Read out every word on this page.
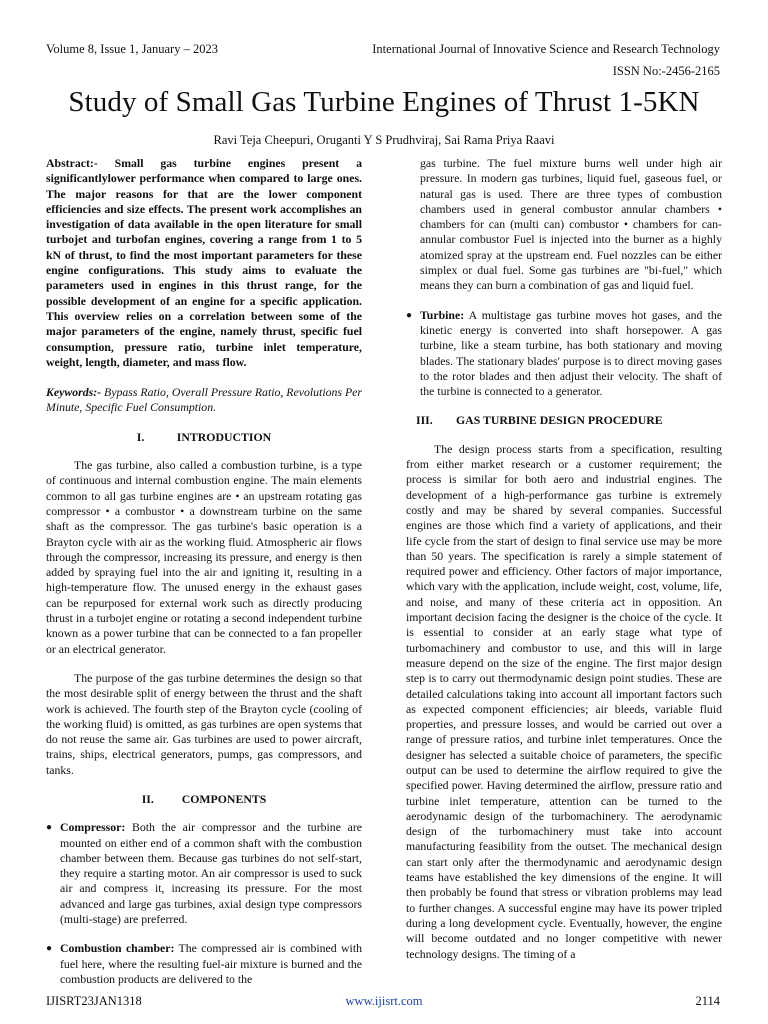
Volume 8, Issue 1, January – 2023	International Journal of Innovative Science and Research Technology
ISSN No:-2456-2165
Study of Small Gas Turbine Engines of Thrust 1-5KN
Ravi Teja Cheepuri, Oruganti Y S Prudhviraj, Sai Rama Priya Raavi

Abstract:- Small gas turbine engines present a significantlylower performance when compared to large ones. The major reasons for that are the lower component efficiencies and size effects. The present work accomplishes an investigation of data available in the open literature for small turbojet and turbofan engines, covering a range from 1 to 5 kN of thrust, to find the most important parameters for these engine configurations. This study aims to evaluate the parameters used in engines in this thrust range, for the possible development of an engine for a specific application. This overview relies on a correlation between some of the major parameters of the engine, namely thrust, specific fuel consumption, pressure ratio, turbine inlet temperature, weight, length, diameter, and mass flow.

Keywords:- Bypass Ratio, Overall Pressure Ratio, Revolutions Per Minute, Specific Fuel Consumption.

I.	INTRODUCTION

The gas turbine, also called a combustion turbine, is a type of continuous and internal combustion engine. The main elements common to all gas turbine engines are • an upstream rotating gas compressor • a combustor • a downstream turbine on the same shaft as the compressor. The gas turbine's basic operation is a Brayton cycle with air as the working fluid. Atmospheric air flows through the compressor, increasing its pressure, and energy is then added by spraying fuel into the air and igniting it, resulting in a high-temperature flow. The unused energy in the exhaust gases can be repurposed for external work such as directly producing thrust in a turbojet engine or rotating a second independent turbine known as a power turbine that can be connected to a fan propeller or an electrical generator.

The purpose of the gas turbine determines the design so that the most desirable split of energy between the thrust and the shaft work is achieved. The fourth step of the Brayton cycle (cooling of the working fluid) is omitted, as gas turbines are open systems that do not reuse the same air. Gas turbines are used to power aircraft, trains, ships, electrical generators, pumps, gas compressors, and tanks.

II. COMPONENTS

● Compressor: Both the air compressor and the turbine are mounted on either end of a common shaft with the combustion chamber between them. Because gas turbines do not self-start, they require a starting motor. An air compressor is used to suck air and compress it, increasing its pressure. For the most advanced and large gas turbines, axial design type compressors (multi-stage) are preferred.

● Combustion chamber: The compressed air is combined with fuel here, where the resulting fuel-air mixture is burned and the combustion products are delivered to the

gas turbine. The fuel mixture burns well under high air pressure. In modern gas turbines, liquid fuel, gaseous fuel, or natural gas is used. There are three types of combustion chambers used in general combustor annular chambers • chambers for can (multi can) combustor • chambers for can-annular combustor Fuel is injected into the burner as a highly atomized spray at the upstream end. Fuel nozzles can be either simplex or dual fuel. Some gas turbines are "bi-fuel," which means they can burn a combination of gas and liquid fuel.

● Turbine: A multistage gas turbine moves hot gases, and the kinetic energy is converted into shaft horsepower. A gas turbine, like a steam turbine, has both stationary and moving blades. The stationary blades' purpose is to direct moving gases to the rotor blades and then adjust their velocity. The shaft of the turbine is connected to a generator.

III. GAS TURBINE DESIGN PROCEDURE

The design process starts from a specification, resulting from either market research or a customer requirement; the process is similar for both aero and industrial engines. The development of a high-performance gas turbine is extremely costly and may be shared by several companies. Successful engines are those which find a variety of applications, and their life cycle from the start of design to final service use may be more than 50 years. The specification is rarely a simple statement of required power and efficiency. Other factors of major importance, which vary with the application, include weight, cost, volume, life, and noise, and many of these criteria act in opposition. An important decision facing the designer is the choice of the cycle. It is essential to consider at an early stage what type of turbomachinery and combustor to use, and this will in large measure depend on the size of the engine. The first major design step is to carry out thermodynamic design point studies. These are detailed calculations taking into account all important factors such as expected component efficiencies; air bleeds, variable fluid properties, and pressure losses, and would be carried out over a range of pressure ratios, and turbine inlet temperatures. Once the designer has selected a suitable choice of parameters, the specific output can be used to determine the airflow required to give the specified power. Having determined the airflow, pressure ratio and turbine inlet temperature, attention can be turned to the aerodynamic design of the turbomachinery. The aerodynamic design of the turbomachinery must take into account manufacturing feasibility from the outset. The mechanical design can start only after the thermodynamic and aerodynamic design teams have established the key dimensions of the engine. It will then probably be found that stress or vibration problems may lead to further changes. A successful engine may have its power tripled during a long development cycle. Eventually, however, the engine will become outdated and no longer competitive with newer technology designs. The timing of a

IJISRT23JAN1318	www.ijisrt.com	2114
